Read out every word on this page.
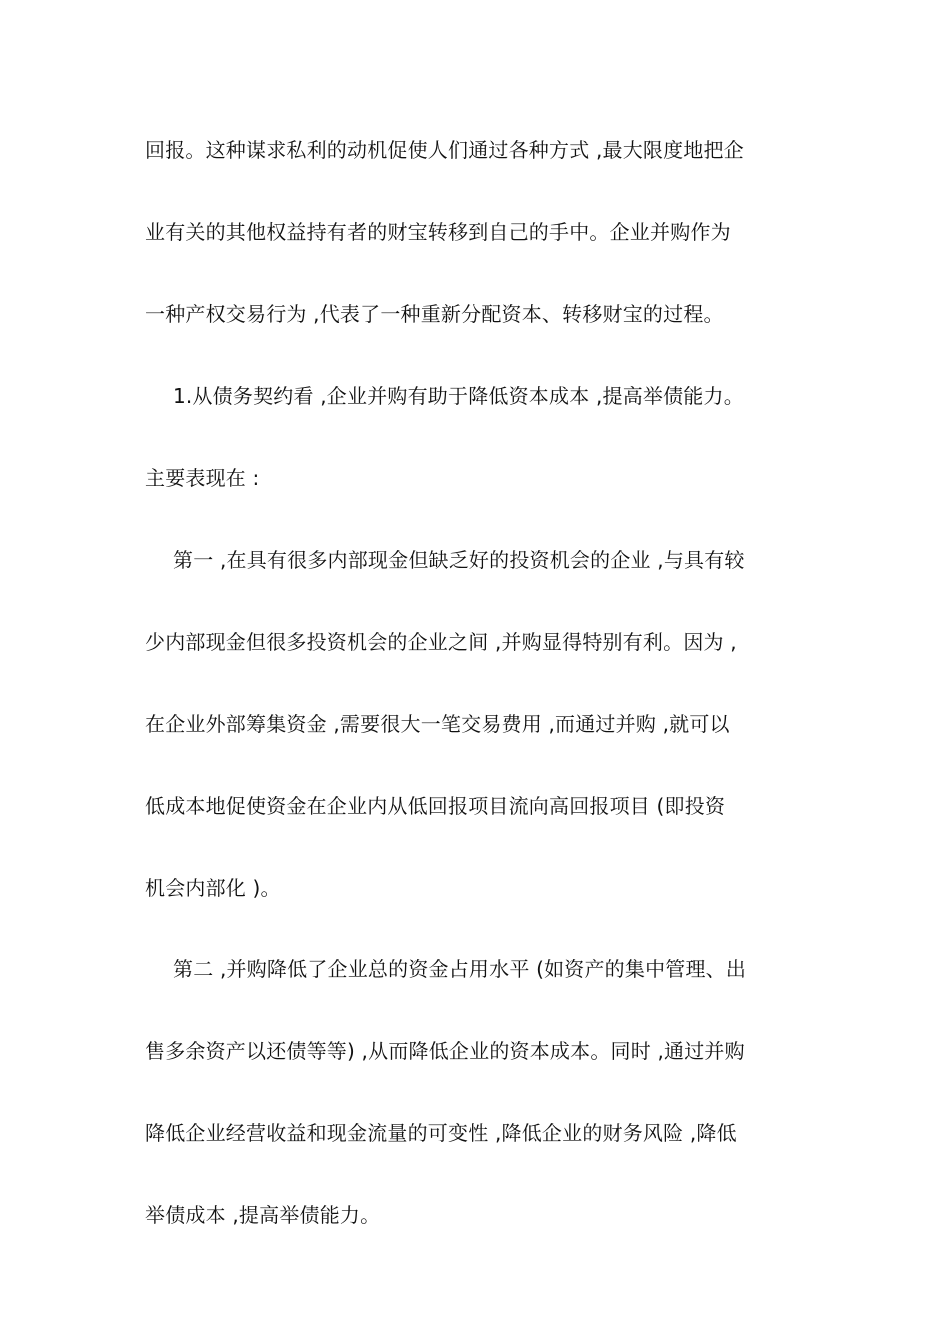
回报。这种谋求私利的动机促使人们通过各种方式 ,最大限度地把企
业有关的其他权益持有者的财宝转移到自己的手中。企业并购作为
一种产权交易行为 ,代表了一种重新分配资本、转移财宝的过程。
1.从债务契约看 ,企业并购有助于降低资本成本 ,提高举债能力。
主要表现在 :
第一 ,在具有很多内部现金但缺乏好的投资机会的企业 ,与具有较
少内部现金但很多投资机会的企业之间 ,并购显得特别有利。因为 ,
在企业外部筹集资金 ,需要很大一笔交易费用 ,而通过并购 ,就可以
低成本地促使资金在企业内从低回报项目流向高回报项目 (即投资
机会内部化 )。
第二 ,并购降低了企业总的资金占用水平 (如资产的集中管理、出
售多余资产以还债等等) ,从而降低企业的资本成本。同时 ,通过并购
降低企业经营收益和现金流量的可变性 ,降低企业的财务风险 ,降低
举债成本 ,提高举债能力。
